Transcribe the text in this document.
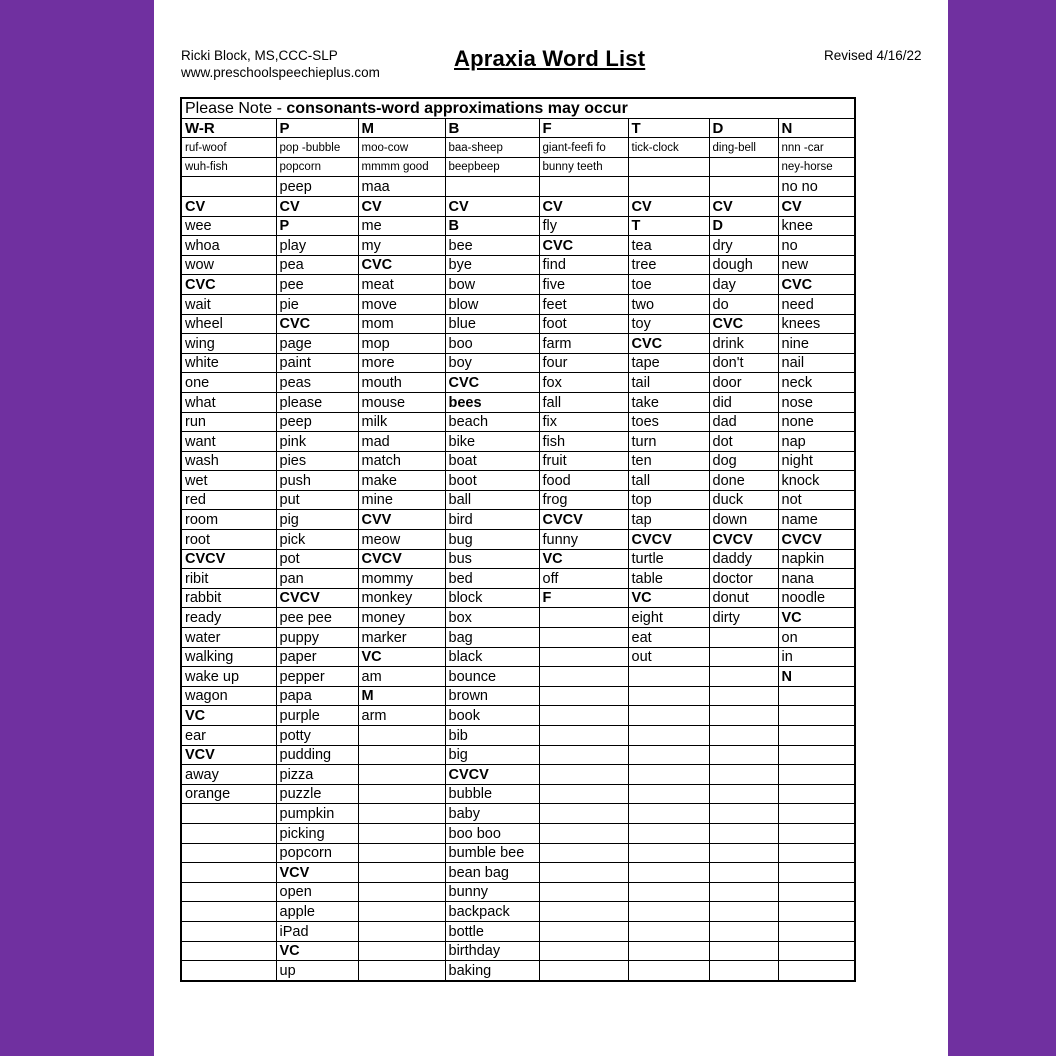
Ricki Block, MS,CCC-SLP
www.preschoolspeechieplus.com
Apraxia Word List	Revised 4/16/22
Please Note - consonants-word approximations may occur							
W-R	P	M	B	F	T	D	N
ruf-woof	pop -bubble	moo-cow	baa-sheep	giant-feefi fo	tick-clock	ding-bell	nnn -car
wuh-fish	popcorn	mmmm good	beepbeep	bunny teeth			ney-horse
	peep	maa					no no
CV	CV	CV	CV	CV	CV	CV	CV
wee	P	me	B	fly	T	D	knee
whoa	play	my	bee	CVC	tea	dry	no
wow	pea	CVC	bye	find	tree	dough	new
CVC	pee	meat	bow	five	toe	day	CVC
wait	pie	move	blow	feet	two	do	need
wheel	CVC	mom	blue	foot	toy	CVC	knees
wing	page	mop	boo	farm	CVC	drink	nine
white	paint	more	boy	four	tape	don't	nail
one	peas	mouth	CVC	fox	tail	door	neck
what	please	mouse	bees	fall	take	did	nose
run	peep	milk	beach	fix	toes	dad	none
want	pink	mad	bike	fish	turn	dot	nap
wash	pies	match	boat	fruit	ten	dog	night
wet	push	make	boot	food	tall	done	knock
red	put	mine	ball	frog	top	duck	not
room	pig	CVV	bird	CVCV	tap	down	name
root	pick	meow	bug	funny	CVCV	CVCV	CVCV
CVCV	pot	CVCV	bus	VC	turtle	daddy	napkin
ribit	pan	mommy	bed	off	table	doctor	nana
rabbit	CVCV	monkey	block	F	VC	donut	noodle
ready	pee pee	money	box		eight	dirty	VC
water	puppy	marker	bag		eat		on
walking	paper	VC	black		out		in
wake up	pepper	am	bounce				N
wagon	papa	M	brown				
VC	purple	arm	book				
ear	potty		bib				
VCV	pudding		big				
away	pizza		CVCV				
orange	puzzle		bubble				
	pumpkin		baby				
	picking		boo boo				
	popcorn		bumble bee				
	VCV		bean bag				
	open		bunny				
	apple		backpack				
	iPad		bottle				
	VC		birthday				
	up		baking				
